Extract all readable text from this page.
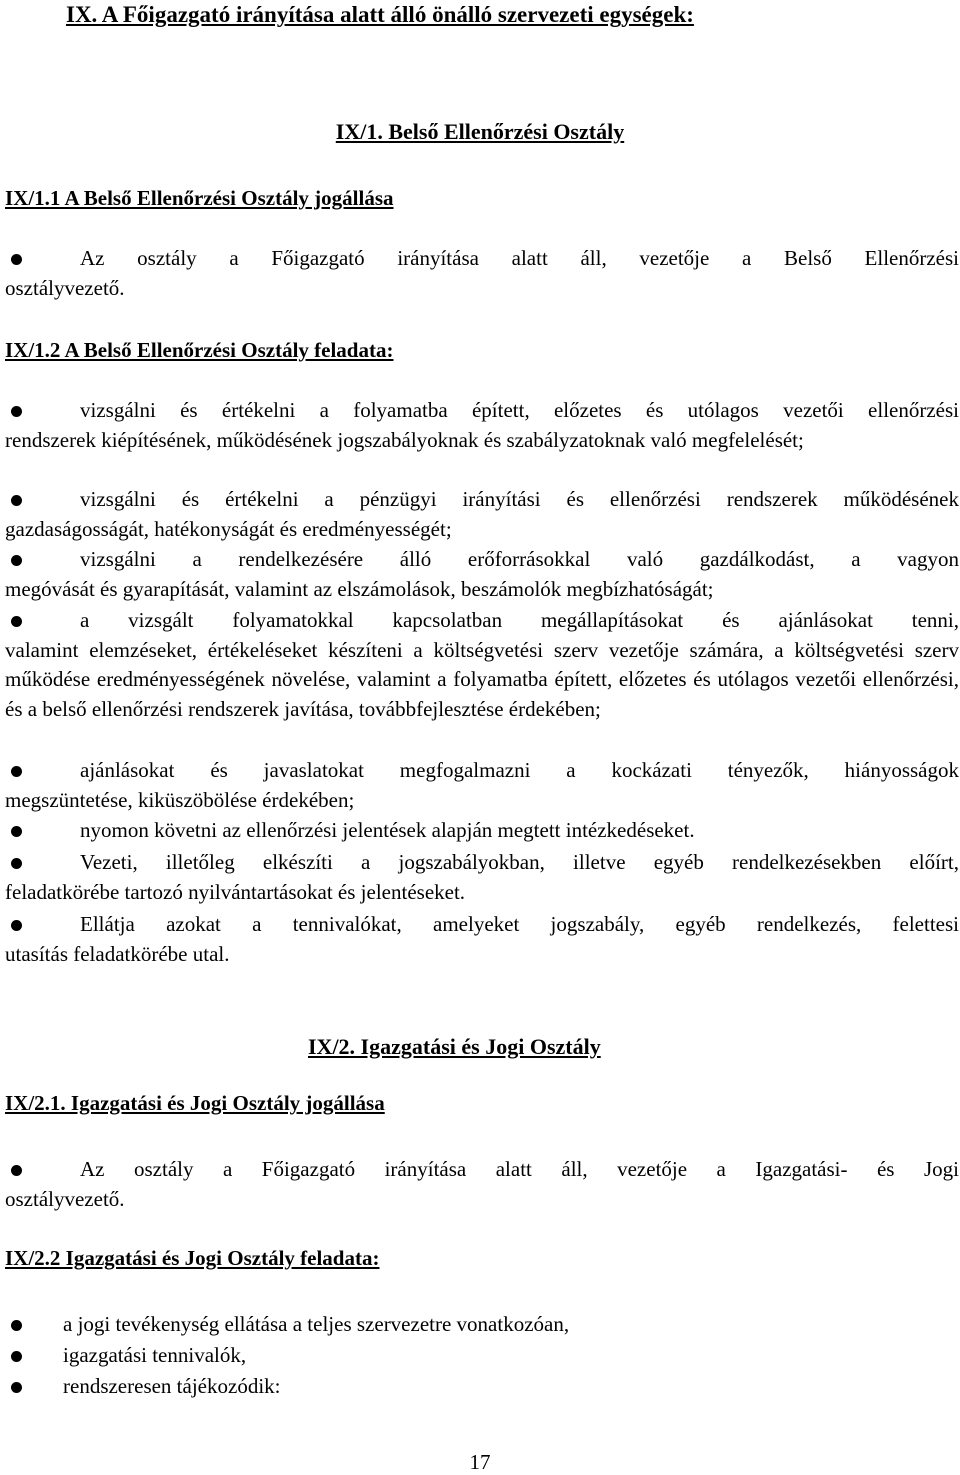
IX. A Főigazgató irányítása alatt álló önálló szervezeti egységek:
IX/1. Belső Ellenőrzési Osztály
IX/1.1 A Belső Ellenőrzési Osztály jogállása
Az osztály a Főigazgató irányítása alatt áll, vezetője a Belső Ellenőrzési
osztályvezető.
IX/1.2 A Belső Ellenőrzési Osztály feladata:
vizsgálni és értékelni a folyamatba épített, előzetes és utólagos vezetői ellenőrzési
rendszerek kiépítésének, működésének jogszabályoknak és szabályzatoknak való megfelelését;
vizsgálni és értékelni a pénzügyi irányítási és ellenőrzési rendszerek működésének
gazdaságosságát, hatékonyságát és eredményességét;
vizsgálni a rendelkezésére álló erőforrásokkal való gazdálkodást, a vagyon
megóvását és gyarapítását, valamint az elszámolások, beszámolók megbízhatóságát;
a vizsgált folyamatokkal kapcsolatban megállapításokat és ajánlásokat tenni,
valamint elemzéseket, értékeléseket készíteni a költségvetési szerv vezetője számára, a költségvetési szerv működése eredményességének növelése, valamint a folyamatba épített, előzetes és utólagos vezetői ellenőrzési, és a belső ellenőrzési rendszerek javítása, továbbfejlesztése érdekében;
ajánlásokat és javaslatokat megfogalmazni a kockázati tényezők, hiányosságok
megszüntetése, kiküszöbölése érdekében;
nyomon követni az ellenőrzési jelentések alapján megtett intézkedéseket.
Vezeti, illetőleg elkészíti a jogszabályokban, illetve egyéb rendelkezésekben előírt,
feladatkörébe tartozó nyilvántartásokat és jelentéseket.
Ellátja azokat a tennivalókat, amelyeket jogszabály, egyéb rendelkezés, felettesi
utasítás feladatkörébe utal.
IX/2. Igazgatási és Jogi Osztály
IX/2.1. Igazgatási és Jogi Osztály jogállása
Az osztály a Főigazgató irányítása alatt áll, vezetője a Igazgatási- és Jogi
osztályvezető.
IX/2.2 Igazgatási és Jogi Osztály feladata:
a jogi tevékenység ellátása a teljes szervezetre vonatkozóan,
igazgatási tennivalók,
rendszeresen tájékozódik:
17
